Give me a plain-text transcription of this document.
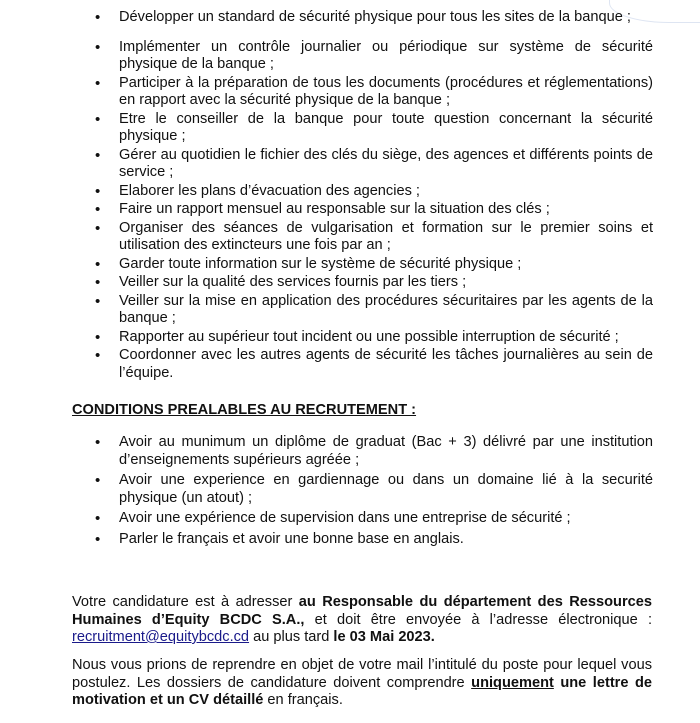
• Développer un standard de sécurité physique pour tous les sites de la banque ;
• Implémenter un contrôle journalier ou périodique sur système de sécurité physique de la banque ;
• Participer à la préparation de tous les documents (procédures et réglementations) en rapport avec la sécurité physique de la banque ;
• Etre le conseiller de la banque pour toute question concernant la sécurité physique ;
• Gérer au quotidien le fichier des clés du siège, des agences et différents points de service ;
• Elaborer les plans d’évacuation des agencies ;
• Faire un rapport mensuel au responsable sur la situation des clés ;
• Organiser des séances de vulgarisation et formation sur le premier soins et utilisation des extincteurs une fois par an ;
• Garder toute information sur le système de sécurité physique ;
• Veiller sur la qualité des services fournis par les tiers ;
• Veiller sur la mise en application des procédures sécuritaires par les agents de la banque ;
• Rapporter au supérieur tout incident ou une possible interruption de sécurité ;
• Coordonner avec les autres agents de sécurité les tâches journalières au sein de l’équipe.
CONDITIONS PREALABLES AU RECRUTEMENT :
• Avoir au munimum un diplôme de graduat (Bac + 3) délivré par une institution d’enseignements supérieurs agréée ;
• Avoir une experience en gardiennage ou dans un domaine lié à la securité physique (un atout) ;
• Avoir une expérience de supervision dans une entreprise de sécurité ;
• Parler le français et avoir une bonne base en anglais.
Votre candidature est à adresser au Responsable du département des Ressources Humaines d’Equity BCDC S.A., et doit être envoyée à l’adresse électronique : recruitment@equitybcdc.cd au plus tard le 03 Mai 2023.
Nous vous prions de reprendre en objet de votre mail l’intitulé du poste pour lequel vous postulez. Les dossiers de candidature doivent comprendre uniquement une lettre de motivation et un CV détaillé en français.
